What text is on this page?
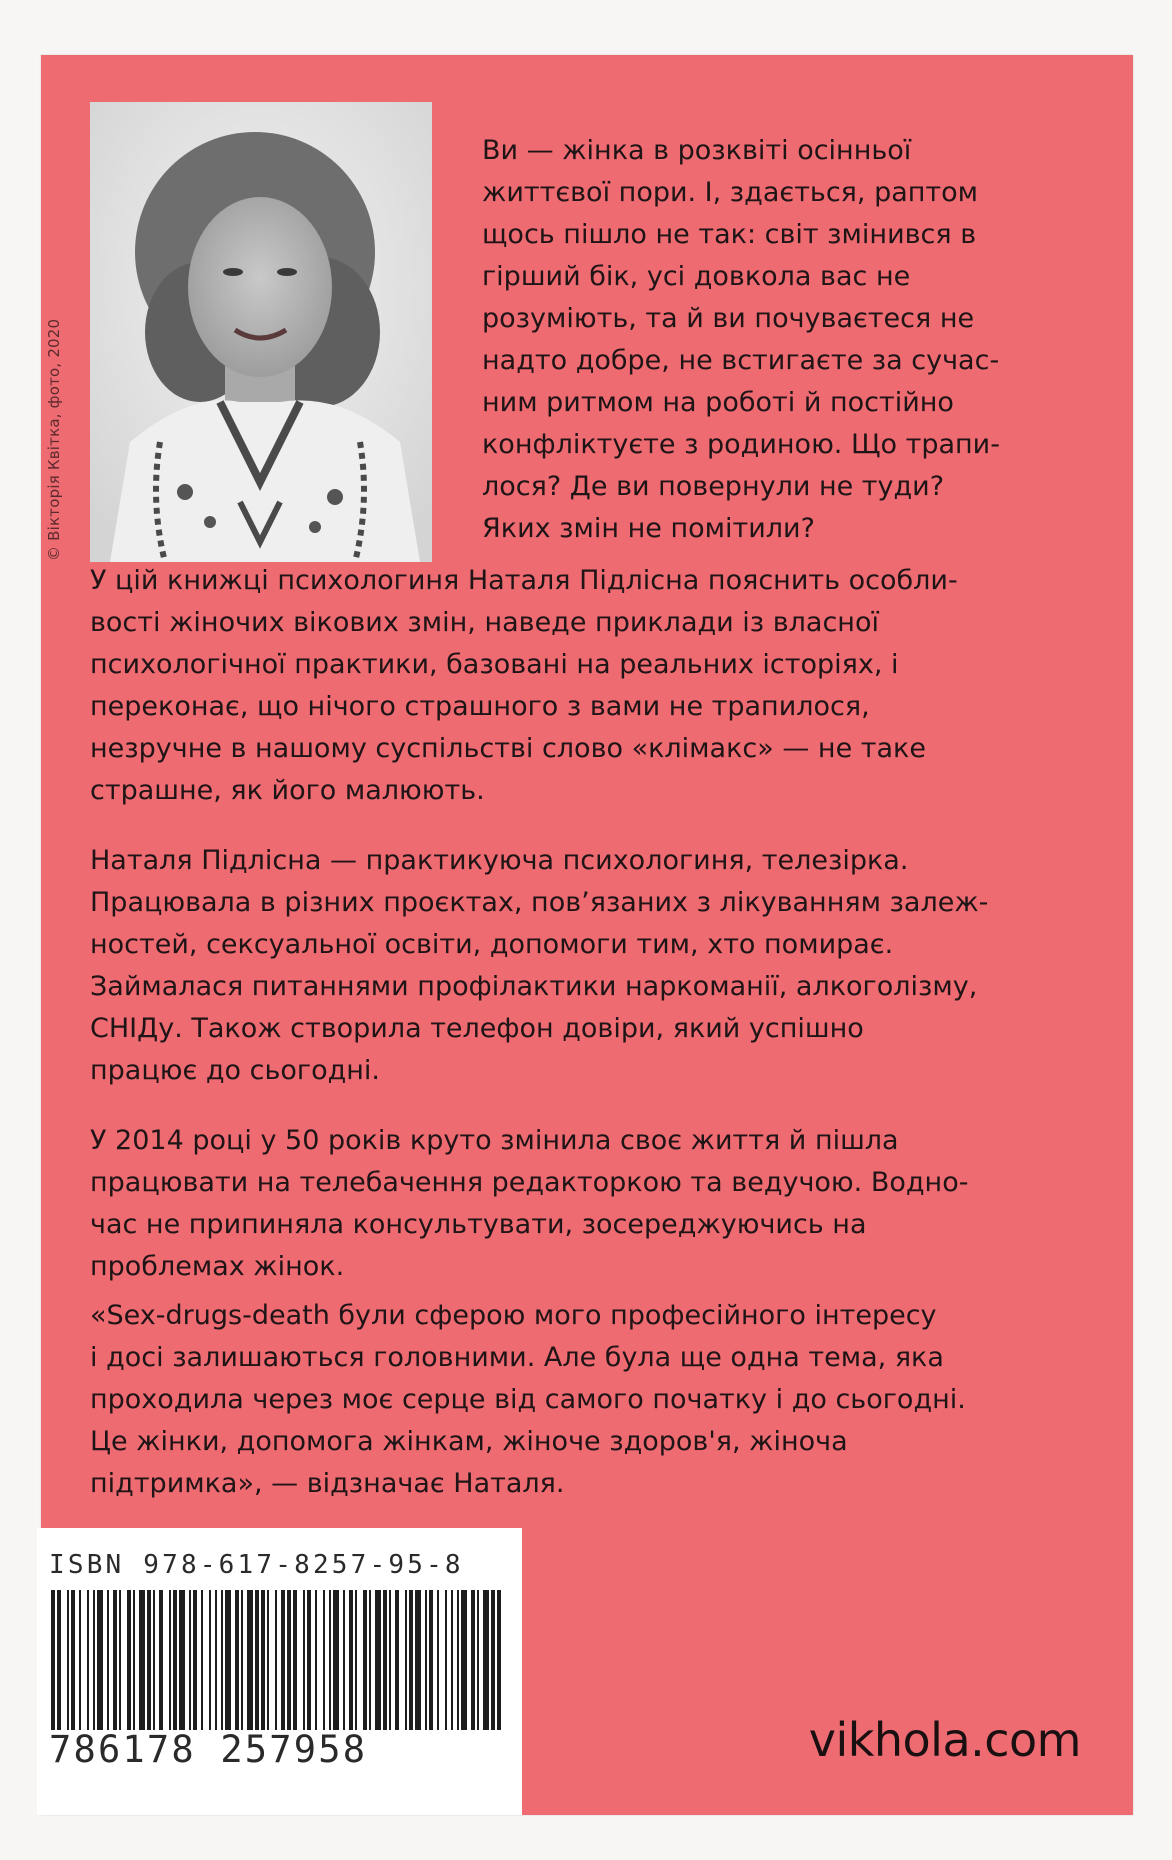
© Вікторія Квітка, фото, 2020

Ви — жінка в розквіті осінньої
життєвої пори. І, здається, раптом
щось пішло не так: світ змінився в
гірший бік, усі довкола вас не
розуміють, та й ви почуваєтеся не
надто добре, не встигаєте за сучас-
ним ритмом на роботі й постійно
конфліктуєте з родиною. Що трапи-
лося? Де ви повернули не туди?
Яких змін не помітили?

У цій книжці психологиня Наталя Підлісна пояснить особли-
вості жіночих вікових змін, наведе приклади із власної
психологічної практики, базовані на реальних історіях, і
переконає, що нічого страшного з вами не трапилося,
незручне в нашому суспільстві слово «клімакс» — не таке
страшне, як його малюють.

Наталя Підлісна — практикуюча психологиня, телезірка.
Працювала в різних проєктах, пов’язаних з лікуванням залеж-
ностей, сексуальної освіти, допомоги тим, хто помирає.
Займалася питаннями профілактики наркоманії, алкоголізму,
СНІДу. Також створила телефон довіри, який успішно
працює до сьогодні.

У 2014 році у 50 років круто змінила своє життя й пішла
працювати на телебачення редакторкою та ведучою. Водно-
час не припиняла консультувати, зосереджуючись на
проблемах жінок.

«Sex-drugs-death були сферою мого професійного інтересу
і досі залишаються головними. Але була ще одна тема, яка
проходила через моє серце від самого початку і до сьогодні.
Це жінки, допомога жінкам, жіноче здоров'я, жіноча
підтримка», — відзначає Наталя.

ISBN 978-617-8257-95-8
786178 257958	vikhola.com
